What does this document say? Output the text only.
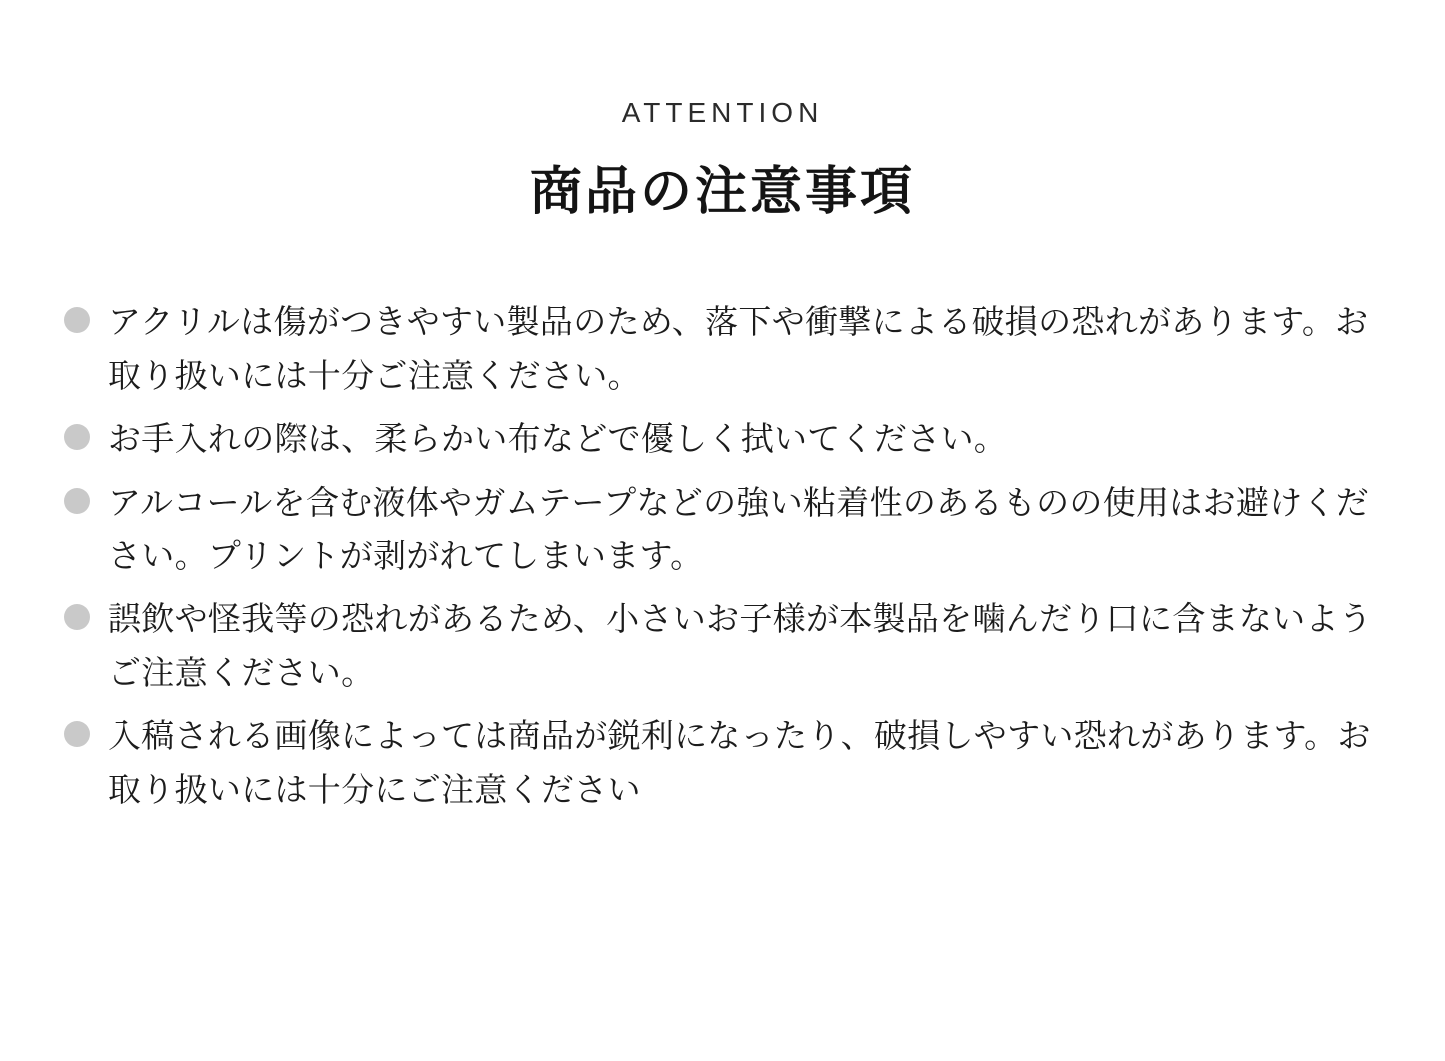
ATTENTION
商品の注意事項
アクリルは傷がつきやすい製品のため、落下や衝撃による破損の恐れがあります。お取り扱いには十分ご注意ください。
お手入れの際は、柔らかい布などで優しく拭いてください。
アルコールを含む液体やガムテープなどの強い粘着性のあるものの使用はお避けください。プリントが剥がれてしまいます。
誤飲や怪我等の恐れがあるため、小さいお子様が本製品を噛んだり口に含まないようご注意ください。
入稿される画像によっては商品が鋭利になったり、破損しやすい恐れがあります。お取り扱いには十分にご注意ください
